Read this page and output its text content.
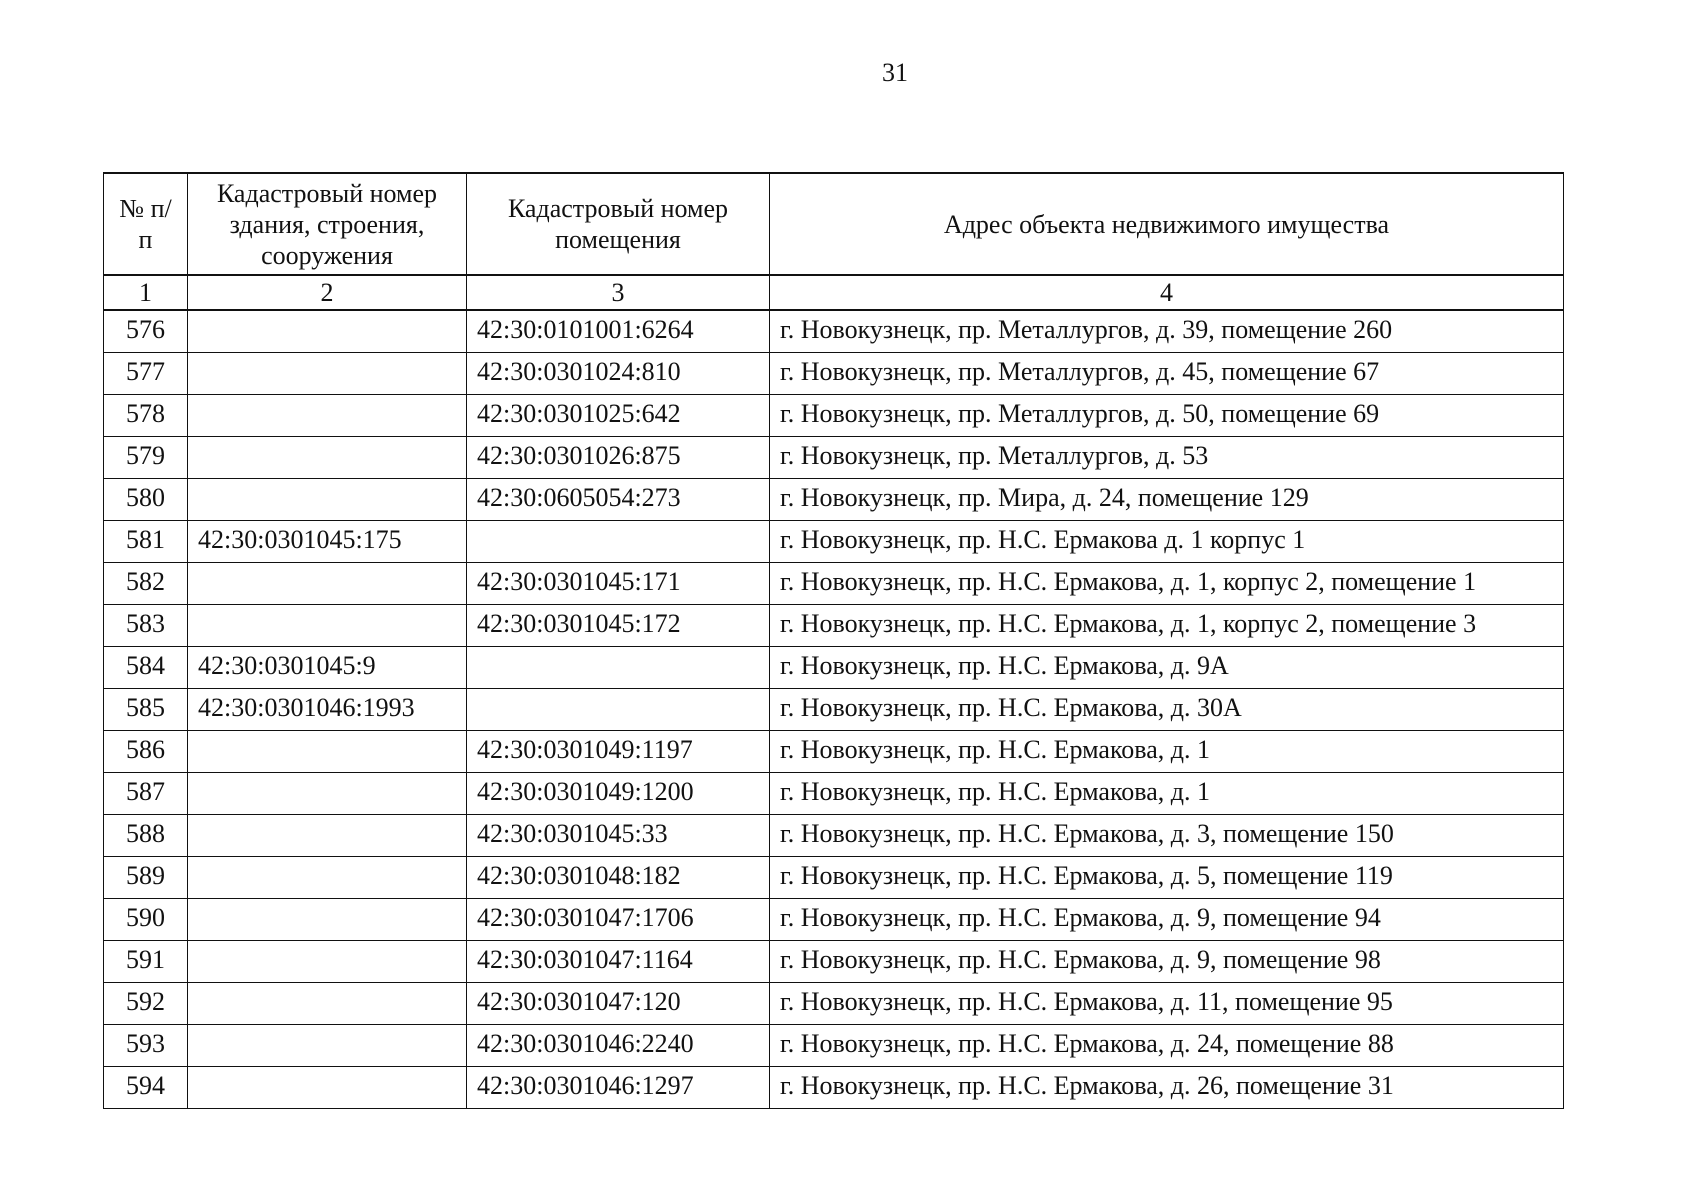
31
№ п/п	Кадастровый номер здания, строения, сооружения	Кадастровый номер помещения	Адрес объекта недвижимого имущества
1	2	3	4
576		42:30:0101001:6264	г. Новокузнецк, пр. Металлургов, д. 39, помещение 260
577		42:30:0301024:810	г. Новокузнецк, пр. Металлургов, д. 45, помещение 67
578		42:30:0301025:642	г. Новокузнецк, пр. Металлургов, д. 50, помещение 69
579		42:30:0301026:875	г. Новокузнецк, пр. Металлургов, д. 53
580		42:30:0605054:273	г. Новокузнецк, пр. Мира, д. 24, помещение 129
581	42:30:0301045:175		г. Новокузнецк, пр. Н.С. Ермакова д. 1 корпус 1
582		42:30:0301045:171	г. Новокузнецк, пр. Н.С. Ермакова, д. 1, корпус 2, помещение 1
583		42:30:0301045:172	г. Новокузнецк, пр. Н.С. Ермакова, д. 1, корпус 2, помещение 3
584	42:30:0301045:9		г. Новокузнецк, пр. Н.С. Ермакова, д. 9А
585	42:30:0301046:1993		г. Новокузнецк, пр. Н.С. Ермакова, д. 30А
586		42:30:0301049:1197	г. Новокузнецк, пр. Н.С. Ермакова, д. 1
587		42:30:0301049:1200	г. Новокузнецк, пр. Н.С. Ермакова, д. 1
588		42:30:0301045:33	г. Новокузнецк, пр. Н.С. Ермакова, д. 3, помещение 150
589		42:30:0301048:182	г. Новокузнецк, пр. Н.С. Ермакова, д. 5, помещение 119
590		42:30:0301047:1706	г. Новокузнецк, пр. Н.С. Ермакова, д. 9, помещение 94
591		42:30:0301047:1164	г. Новокузнецк, пр. Н.С. Ермакова, д. 9, помещение 98
592		42:30:0301047:120	г. Новокузнецк, пр. Н.С. Ермакова, д. 11, помещение 95
593		42:30:0301046:2240	г. Новокузнецк, пр. Н.С. Ермакова, д. 24, помещение 88
594		42:30:0301046:1297	г. Новокузнецк, пр. Н.С. Ермакова, д. 26, помещение 31
